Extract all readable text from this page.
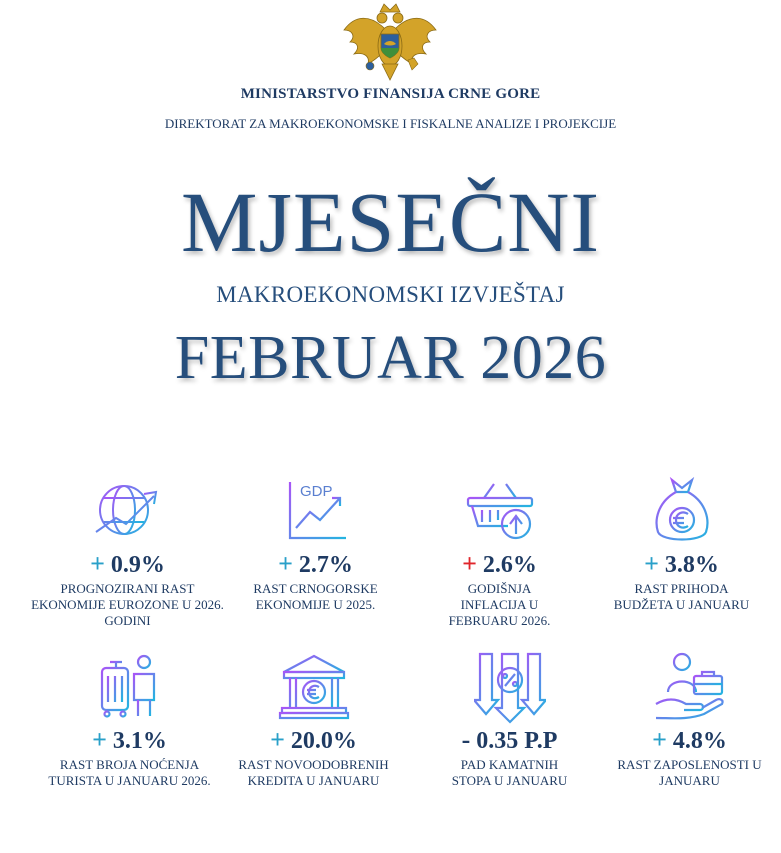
MINISTARSTVO FINANSIJA CRNE GORE
DIREKTORAT ZA MAKROEKONOMSKE I FISKALNE ANALIZE I PROJEKCIJE
MJESEČNI
MAKROEKONOMSKI IZVJEŠTAJ
FEBRUAR 2026
+ 0.9%
PROGNOZIRANI RAST EKONOMIJE EUROZONE U 2026. GODINI
GDP
+ 2.7%
RAST CRNOGORSKE EKONOMIJE U 2025.
+ 2.6%
GODIŠNJA INFLACIJA U FEBRUARU 2026.
+ 3.8%
RAST PRIHODA BUDŽETA U JANUARU
+ 3.1%
RAST BROJA NOĆENJA TURISTA U JANUARU 2026.
+ 20.0%
RAST NOVOODOBRENIH KREDITA U JANUARU
- 0.35 P.P
PAD KAMATNIH STOPA U JANUARU
+ 4.8%
RAST ZAPOSLENOSTI U JANUARU
